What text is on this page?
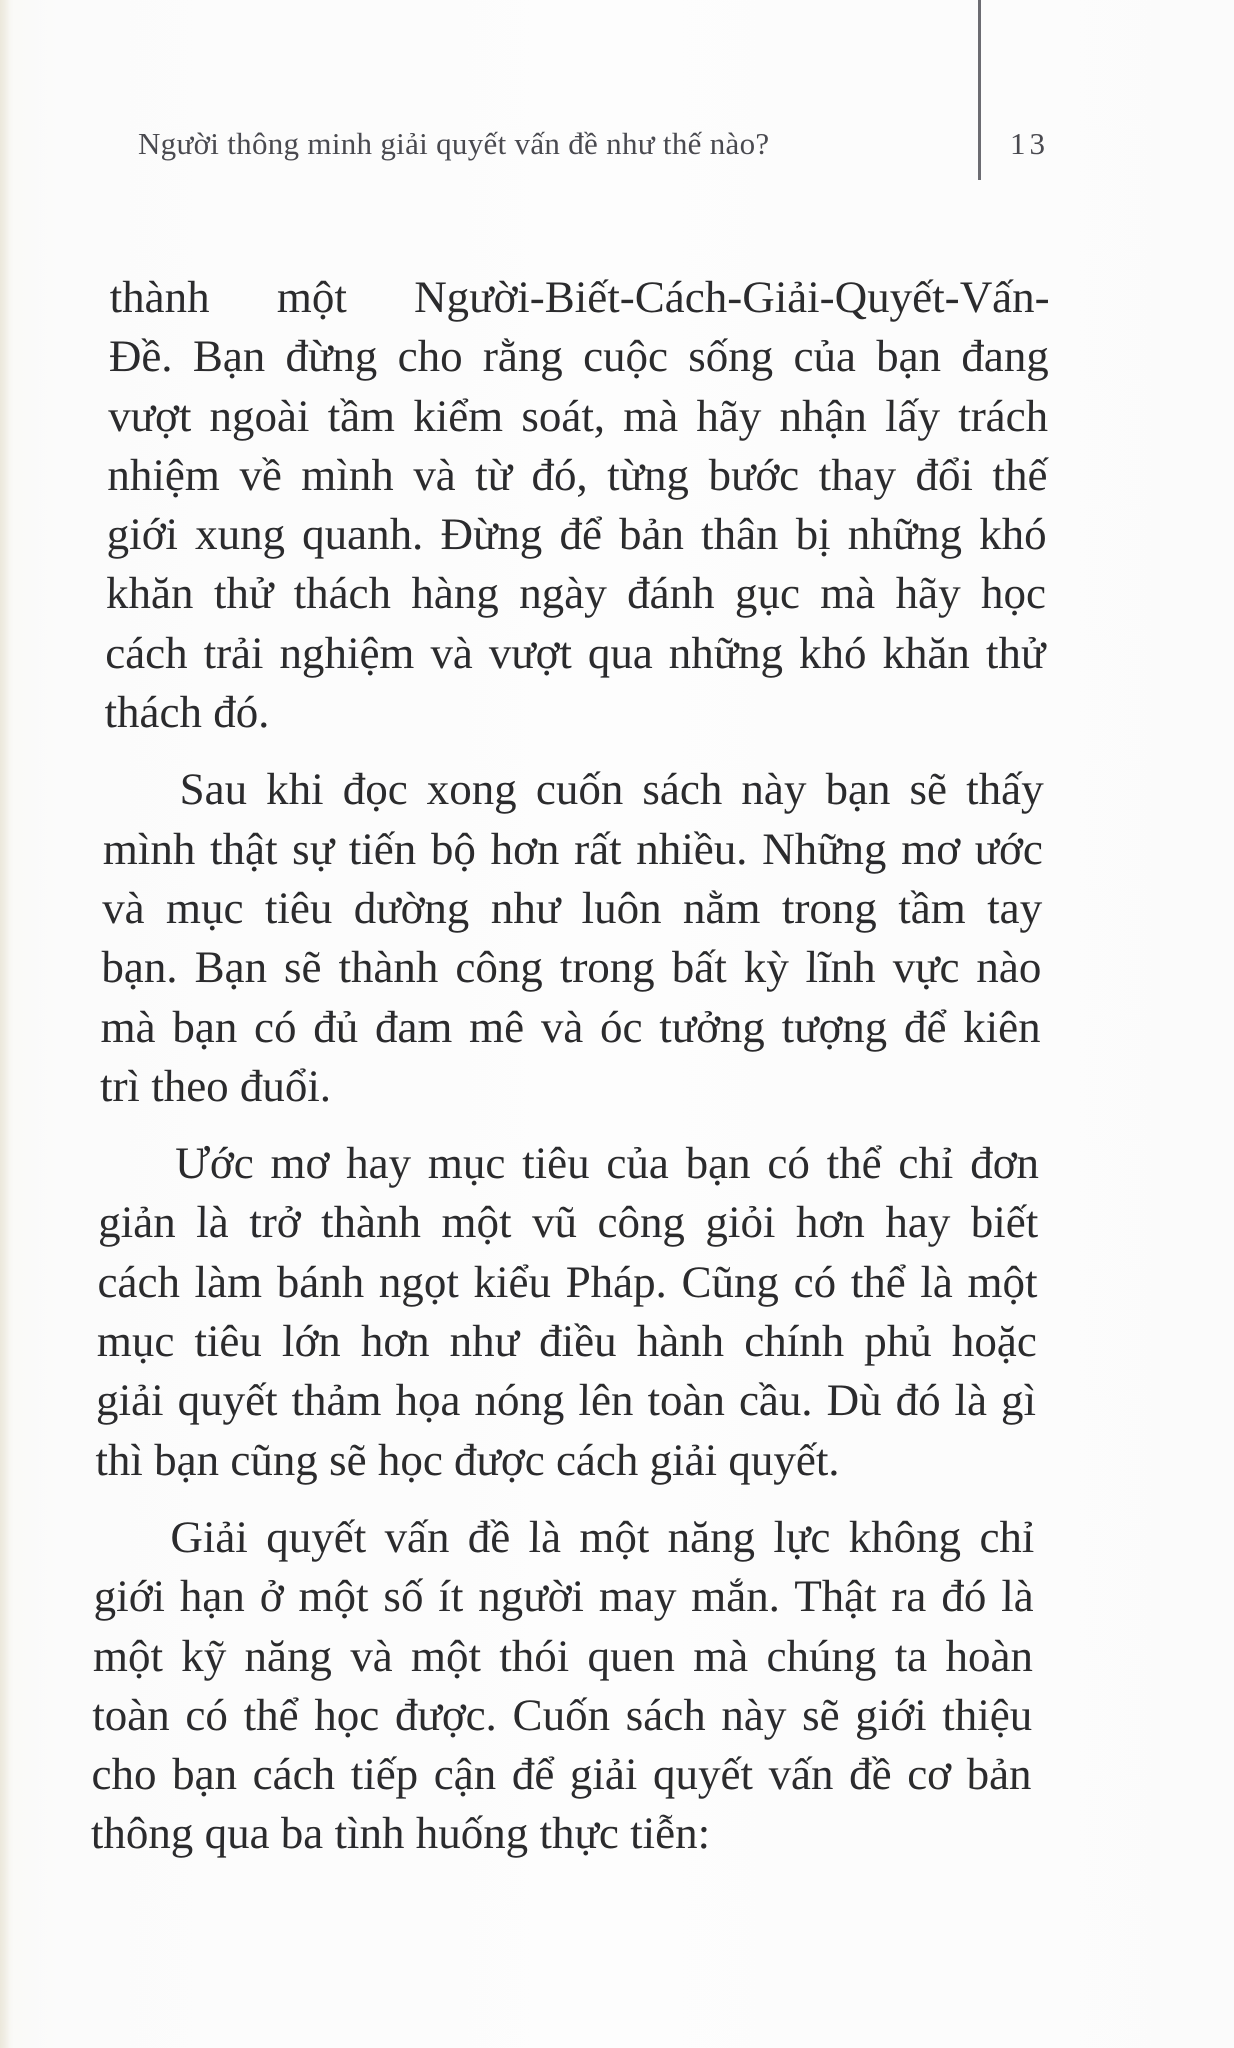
Người thông minh giải quyết vấn đề như thế nào?	13

thành một Người-Biết-Cách-Giải-Quyết-Vấn-
Đề. Bạn đừng cho rằng cuộc sống của bạn đang
vượt ngoài tầm kiểm soát, mà hãy nhận lấy trách
nhiệm về mình và từ đó, từng bước thay đổi thế
giới xung quanh. Đừng để bản thân bị những khó
khăn thử thách hàng ngày đánh gục mà hãy học
cách trải nghiệm và vượt qua những khó khăn thử
thách đó.

Sau khi đọc xong cuốn sách này bạn sẽ thấy
mình thật sự tiến bộ hơn rất nhiều. Những mơ ước
và mục tiêu dường như luôn nằm trong tầm tay
bạn. Bạn sẽ thành công trong bất kỳ lĩnh vực nào
mà bạn có đủ đam mê và óc tưởng tượng để kiên
trì theo đuổi.

Ước mơ hay mục tiêu của bạn có thể chỉ đơn
giản là trở thành một vũ công giỏi hơn hay biết
cách làm bánh ngọt kiểu Pháp. Cũng có thể là một
mục tiêu lớn hơn như điều hành chính phủ hoặc
giải quyết thảm họa nóng lên toàn cầu. Dù đó là gì
thì bạn cũng sẽ học được cách giải quyết.

Giải quyết vấn đề là một năng lực không chỉ
giới hạn ở một số ít người may mắn. Thật ra đó là
một kỹ năng và một thói quen mà chúng ta hoàn
toàn có thể học được. Cuốn sách này sẽ giới thiệu
cho bạn cách tiếp cận để giải quyết vấn đề cơ bản
thông qua ba tình huống thực tiễn:
